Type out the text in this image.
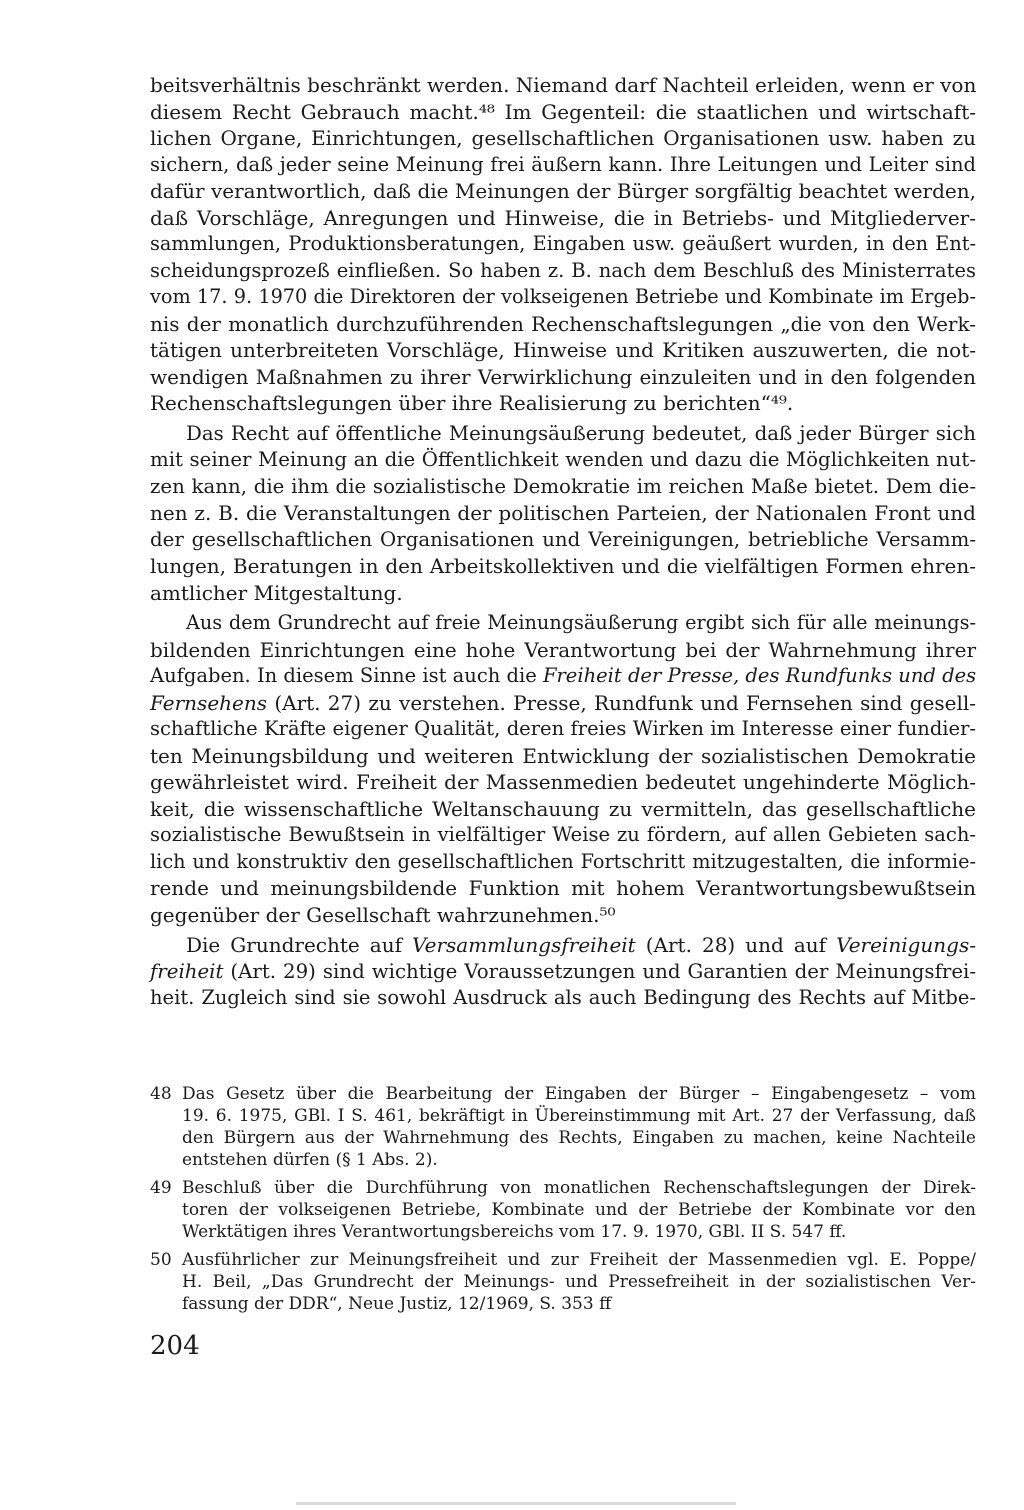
beitsverhältnis beschränkt werden. Niemand darf Nachteil erleiden, wenn er von
diesem Recht Gebrauch macht.⁴⁸ Im Gegenteil: die staatlichen und wirtschaft-
lichen Organe, Einrichtungen, gesellschaftlichen Organisationen usw. haben zu
sichern, daß jeder seine Meinung frei äußern kann. Ihre Leitungen und Leiter sind
dafür verantwortlich, daß die Meinungen der Bürger sorgfältig beachtet werden,
daß Vorschläge, Anregungen und Hinweise, die in Betriebs- und Mitgliederver-
sammlungen, Produktionsberatungen, Eingaben usw. geäußert wurden, in den Ent-
scheidungsprozeß einfließen. So haben z. B. nach dem Beschluß des Ministerrates
vom 17. 9. 1970 die Direktoren der volkseigenen Betriebe und Kombinate im Ergeb-
nis der monatlich durchzuführenden Rechenschaftslegungen „die von den Werk-
tätigen unterbreiteten Vorschläge, Hinweise und Kritiken auszuwerten, die not-
wendigen Maßnahmen zu ihrer Verwirklichung einzuleiten und in den folgenden
Rechenschaftslegungen über ihre Realisierung zu berichten“⁴⁹.
Das Recht auf öffentliche Meinungsäußerung bedeutet, daß jeder Bürger sich
mit seiner Meinung an die Öffentlichkeit wenden und dazu die Möglichkeiten nut-
zen kann, die ihm die sozialistische Demokratie im reichen Maße bietet. Dem die-
nen z. B. die Veranstaltungen der politischen Parteien, der Nationalen Front und
der gesellschaftlichen Organisationen und Vereinigungen, betriebliche Versamm-
lungen, Beratungen in den Arbeitskollektiven und die vielfältigen Formen ehren-
amtlicher Mitgestaltung.
Aus dem Grundrecht auf freie Meinungsäußerung ergibt sich für alle meinungs-
bildenden Einrichtungen eine hohe Verantwortung bei der Wahrnehmung ihrer
Aufgaben. In diesem Sinne ist auch die Freiheit der Presse, des Rundfunks und des
Fernsehens (Art. 27) zu verstehen. Presse, Rundfunk und Fernsehen sind gesell-
schaftliche Kräfte eigener Qualität, deren freies Wirken im Interesse einer fundier-
ten Meinungsbildung und weiteren Entwicklung der sozialistischen Demokratie
gewährleistet wird. Freiheit der Massenmedien bedeutet ungehinderte Möglich-
keit, die wissenschaftliche Weltanschauung zu vermitteln, das gesellschaftliche
sozialistische Bewußtsein in vielfältiger Weise zu fördern, auf allen Gebieten sach-
lich und konstruktiv den gesellschaftlichen Fortschritt mitzugestalten, die informie-
rende und meinungsbildende Funktion mit hohem Verantwortungsbewußtsein
gegenüber der Gesellschaft wahrzunehmen.⁵⁰
Die Grundrechte auf Versammlungsfreiheit (Art. 28) und auf Vereinigungs-
freiheit (Art. 29) sind wichtige Voraussetzungen und Garantien der Meinungsfrei-
heit. Zugleich sind sie sowohl Ausdruck als auch Bedingung des Rechts auf Mitbe-
48 Das Gesetz über die Bearbeitung der Eingaben der Bürger – Eingabengesetz – vom
19. 6. 1975, GBl. I S. 461, bekräftigt in Übereinstimmung mit Art. 27 der Verfassung, daß
den Bürgern aus der Wahrnehmung des Rechts, Eingaben zu machen, keine Nachteile
entstehen dürfen (§ 1 Abs. 2).
49 Beschluß über die Durchführung von monatlichen Rechenschaftslegungen der Direk-
toren der volkseigenen Betriebe, Kombinate und der Betriebe der Kombinate vor den
Werktätigen ihres Verantwortungsbereichs vom 17. 9. 1970, GBl. II S. 547 ff.
50 Ausführlicher zur Meinungsfreiheit und zur Freiheit der Massenmedien vgl. E. Poppe/
H. Beil, „Das Grundrecht der Meinungs- und Pressefreiheit in der sozialistischen Ver-
fassung der DDR“, Neue Justiz, 12/1969, S. 353 ff
204
